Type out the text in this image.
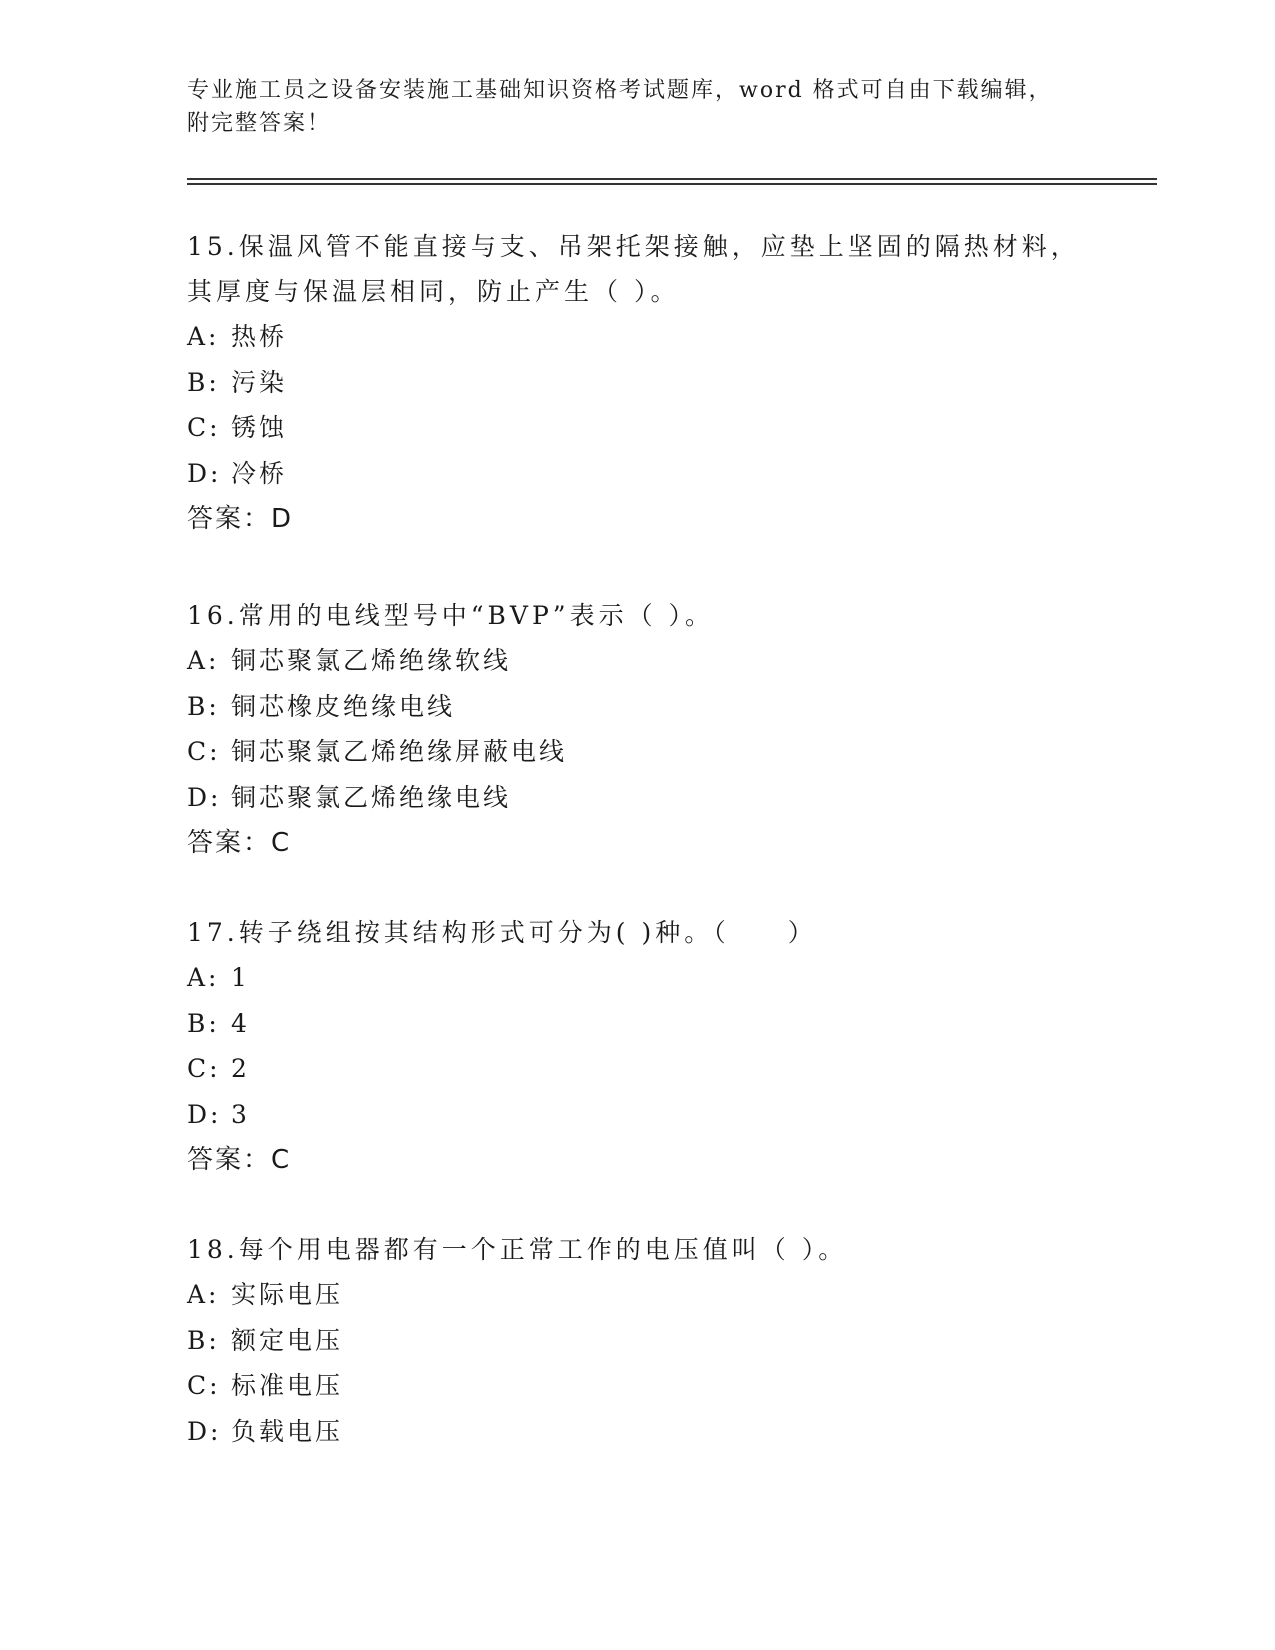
专业施工员之设备安装施工基础知识资格考试题库，word 格式可自由下载编辑，
附完整答案！
15.保温风管不能直接与支、吊架托架接触，应垫上坚固的隔热材料，
其厚度与保温层相同，防止产生（ ）。
A: 热桥
B: 污染
C: 锈蚀
D: 冷桥
答案：D
16.常用的电线型号中“BVP”表示（ ）。
A: 铜芯聚氯乙烯绝缘软线
B: 铜芯橡皮绝缘电线
C: 铜芯聚氯乙烯绝缘屏蔽电线
D: 铜芯聚氯乙烯绝缘电线
答案：C
17.转子绕组按其结构形式可分为( )种。（　　）
A: 1
B: 4
C: 2
D: 3
答案：C
18.每个用电器都有一个正常工作的电压值叫（ ）。
A: 实际电压
B: 额定电压
C: 标准电压
D: 负载电压
